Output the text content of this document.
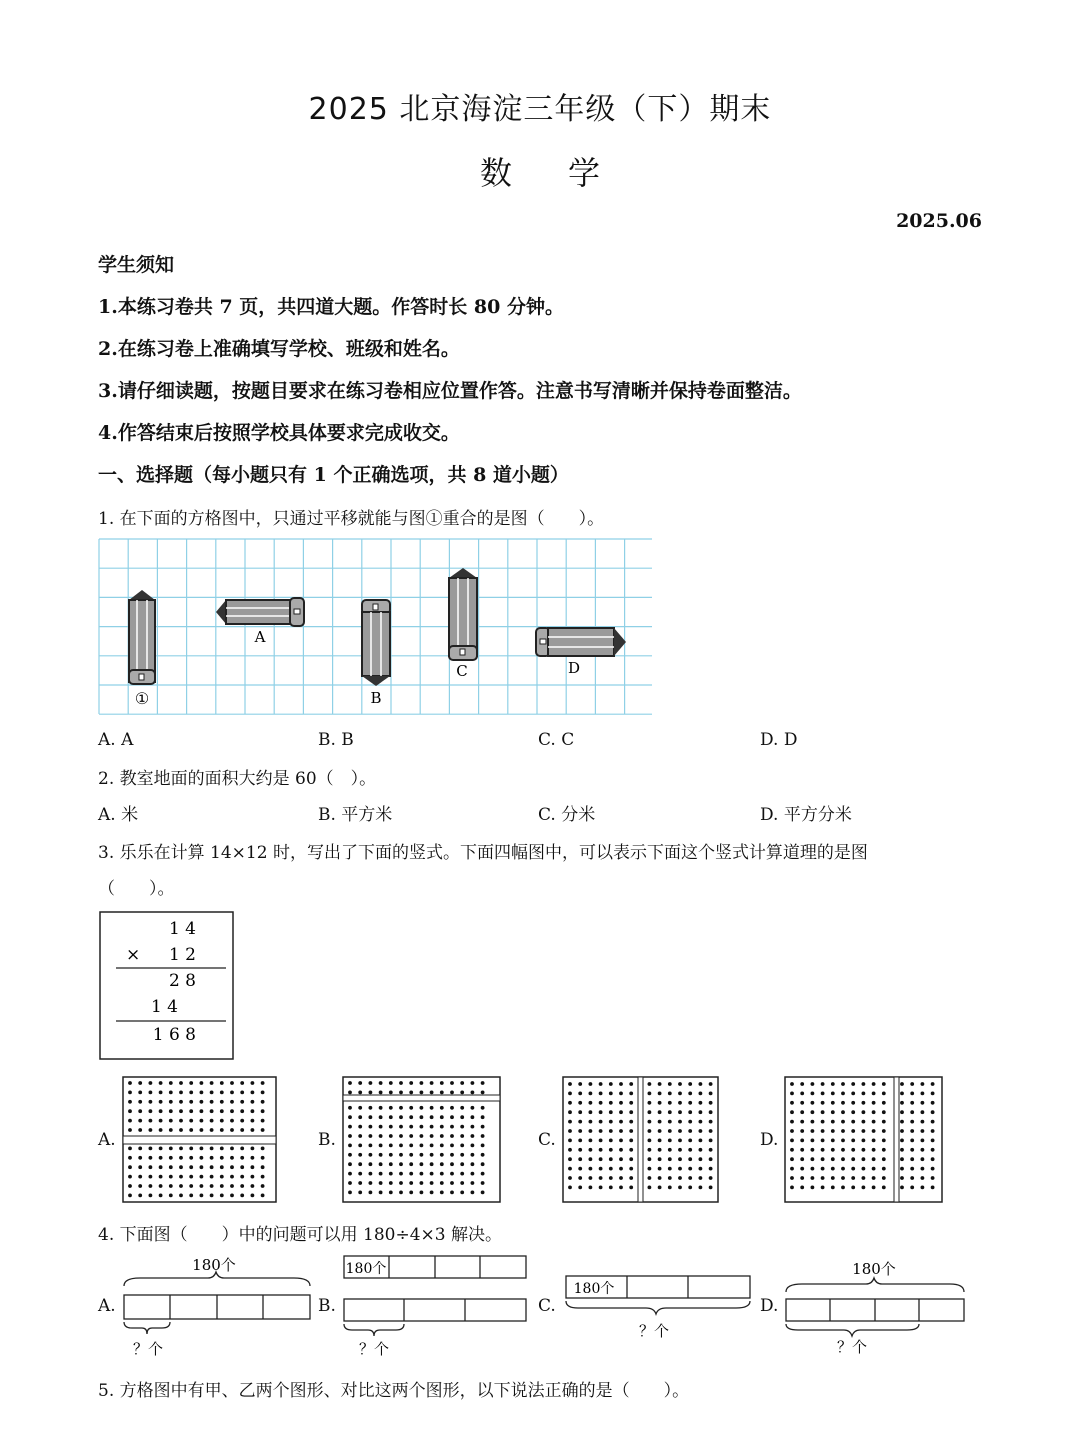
2025 北京海淀三年级（下）期末
数学
2025.06
学生须知
1.本练习卷共 7 页，共四道大题。作答时长 80 分钟。
2.在练习卷上准确填写学校、班级和姓名。
3.请仔细读题，按题目要求在练习卷相应位置作答。注意书写清晰并保持卷面整洁。
4.作答结束后按照学校具体要求完成收交。
一、选择题（每小题只有 1 个正确选项，共 8 道小题）
1. 在下面的方格图中，只通过平移就能与图①重合的是图（　　）。
①
A
B
C	D
A. A	B. B	C. C	D. D
2. 教室地面的面积大约是 60（　）。
A. 米	B. 平方米	C. 分米	D. 平方分米
3. 乐乐在计算 14×12 时，写出了下面的竖式。下面四幅图中，可以表示下面这个竖式计算道理的是图
（　　）。
1 4
× 1 2
2 8
1 4
1 6 8
A.	B.	C.	D.
4. 下面图（　　）中的问题可以用 180÷4×3 解决。
A.
180个
？个
B.
180个
？个
C.
180个
？个
D.
180个
？个
5. 方格图中有甲、乙两个图形、对比这两个图形，以下说法正确的是（　　）。
